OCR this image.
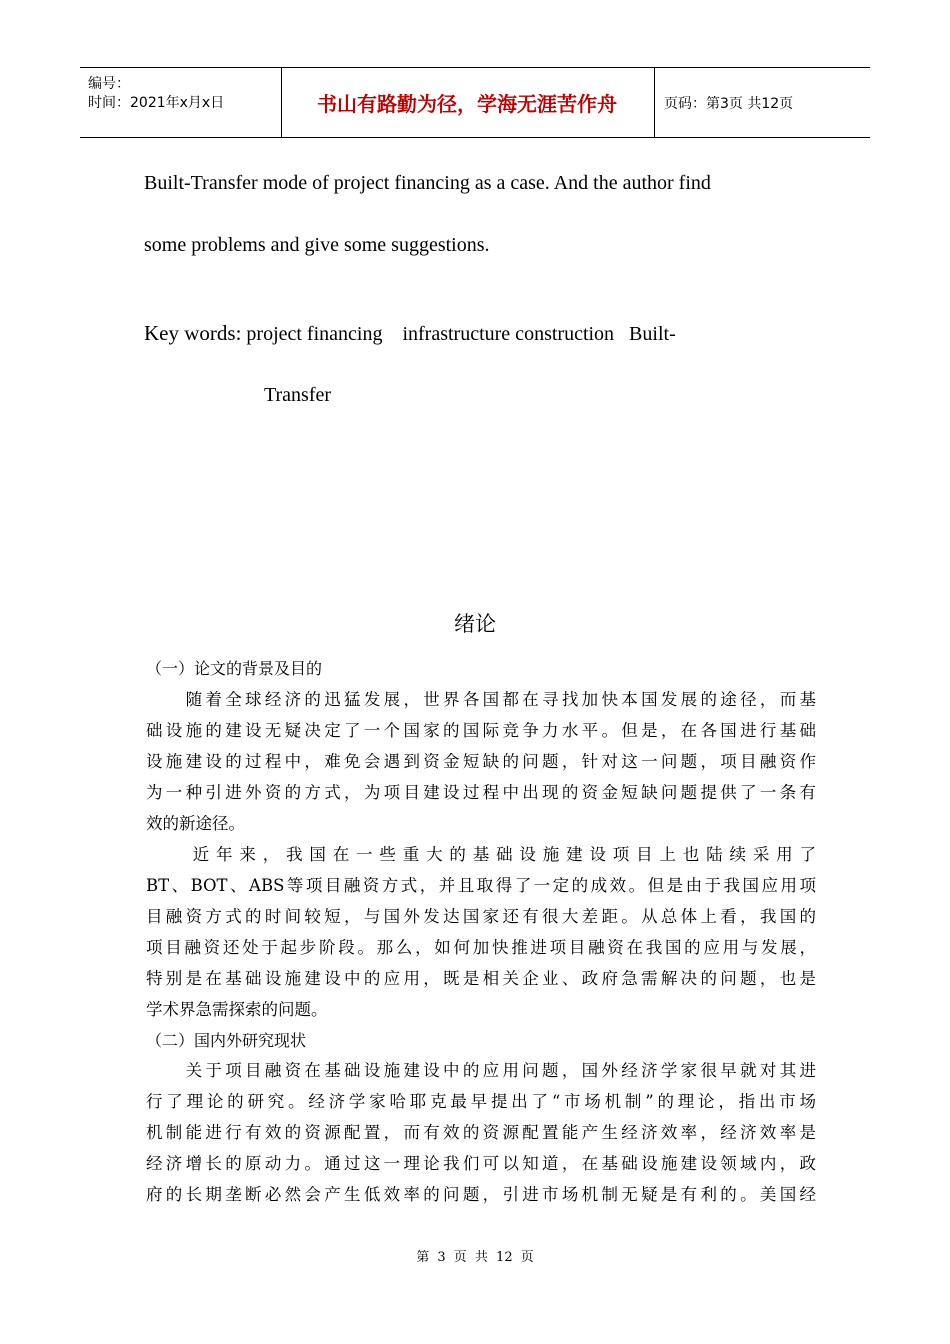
编号：
时间：2021年x月x日	书山有路勤为径，学海无涯苦作舟	页码：第3页 共12页
Built-Transfer mode of project financing as a case. And the author find
some problems and give some suggestions.
Key words: project financing    infrastructure construction   Built-
Transfer
绪论
（一）论文的背景及目的
　　随着全球经济的迅猛发展，世界各国都在寻找加快本国发展的途径，而基
础设施的建设无疑决定了一个国家的国际竞争力水平。但是，在各国进行基础
设施建设的过程中，难免会遇到资金短缺的问题，针对这一问题，项目融资作
为一种引进外资的方式，为项目建设过程中出现的资金短缺问题提供了一条有
效的新途径。
　　近年来，我国在一些重大的基础设施建设项目上也陆续采用了
BT、BOT、ABS等项目融资方式，并且取得了一定的成效。但是由于我国应用项
目融资方式的时间较短，与国外发达国家还有很大差距。从总体上看，我国的
项目融资还处于起步阶段。那么，如何加快推进项目融资在我国的应用与发展，
特别是在基础设施建设中的应用，既是相关企业、政府急需解决的问题，也是
学术界急需探索的问题。
（二）国内外研究现状
　　关于项目融资在基础设施建设中的应用问题，国外经济学家很早就对其进
行了理论的研究。经济学家哈耶克最早提出了“市场机制”的理论，指出市场
机制能进行有效的资源配置，而有效的资源配置能产生经济效率，经济效率是
经济增长的原动力。通过这一理论我们可以知道，在基础设施建设领域内，政
府的长期垄断必然会产生低效率的问题，引进市场机制无疑是有利的。美国经
第 3 页 共 12 页
